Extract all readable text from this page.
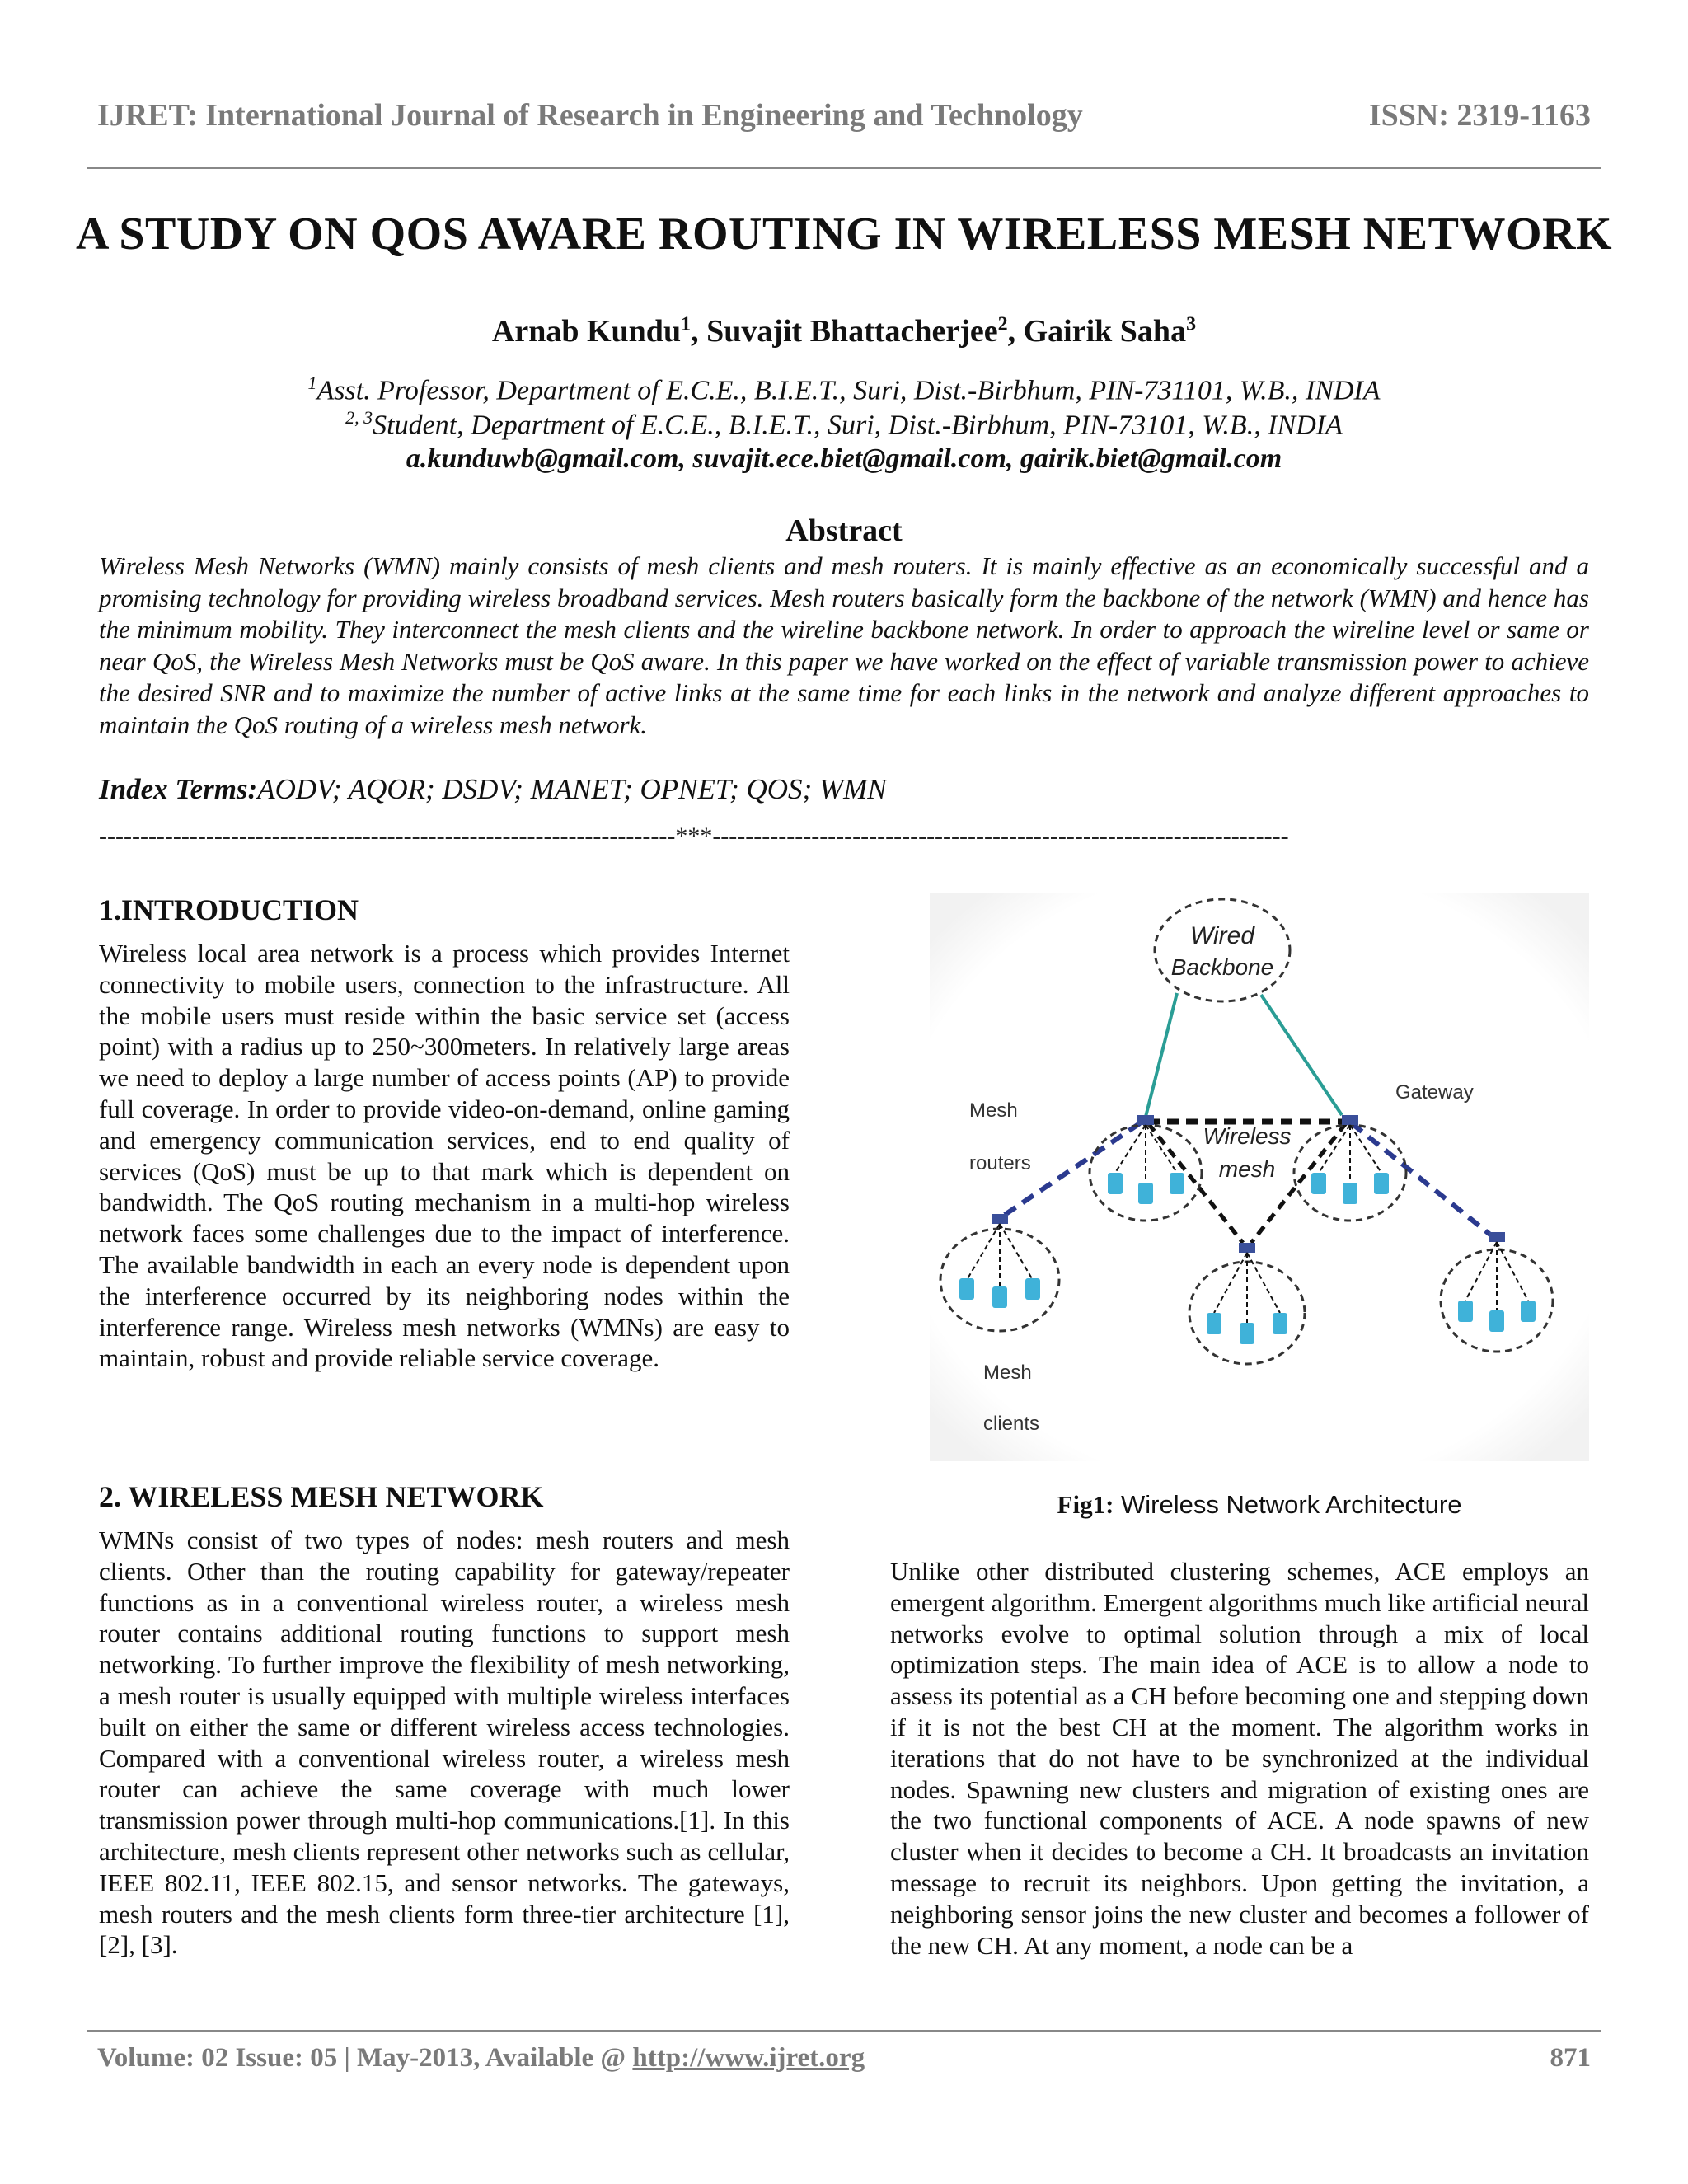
IJRET: International Journal of Research in Engineering and Technology	ISSN: 2319-1163
A STUDY ON QOS AWARE ROUTING IN WIRELESS MESH NETWORK
Arnab Kundu$^1$, Suvajit Bhattacherjee$^2$, Gairik Saha$^3$
$^1$Asst. Professor, Department of E.C.E., B.I.E.T., Suri, Dist.-Birbhum, PIN-731101, W.B., INDIA
$^{2, 3}$Student, Department of E.C.E., B.I.E.T., Suri, Dist.-Birbhum, PIN-73101, W.B., INDIA
a.kunduwb@gmail.com, suvajit.ece.biet@gmail.com, gairik.biet@gmail.com
Abstract
Wireless Mesh Networks (WMN) mainly consists of mesh clients and mesh routers. It is mainly effective as an economically successful and a promising technology for providing wireless broadband services. Mesh routers basically form the backbone of the network (WMN) and hence has the minimum mobility. They interconnect the mesh clients and the wireline backbone network. In order to approach the wireline level or same or near QoS, the Wireless Mesh Networks must be QoS aware. In this paper we have worked on the effect of variable transmission power to achieve the desired SNR and to maximize the number of active links at the same time for each links in the network and analyze different approaches to maintain the QoS routing of a wireless mesh network.
Index Terms:AODV; AQOR; DSDV; MANET; OPNET; QOS; WMN
----------------------------------------------------------------------***----------------------------------------------------------------------
1.INTRODUCTION
Wireless local area network is a process which provides Internet connectivity to mobile users, connection to the infrastructure. All the mobile users must reside within the basic service set (access point) with a radius up to 250~300meters. In relatively large areas we need to deploy a large number of access points (AP) to provide full coverage. In order to provide video-on-demand, online gaming and emergency communication services, end to end quality of services (QoS) must be up to that mark which is dependent on bandwidth. The QoS routing mechanism in a multi-hop wireless network faces some challenges due to the impact of interference. The available bandwidth in each an every node is dependent upon the interference occurred by its neighboring nodes within the interference range. Wireless mesh networks (WMNs) are easy to maintain, robust and provide reliable service coverage.
2. WIRELESS MESH NETWORK
WMNs consist of two types of nodes: mesh routers and mesh clients. Other than the routing capability for gateway/repeater functions as in a conventional wireless router, a wireless mesh router contains additional routing functions to support mesh networking. To further improve the flexibility of mesh networking, a mesh router is usually equipped with multiple wireless interfaces built on either the same or different wireless access technologies. Compared with a conventional wireless router, a wireless mesh router can achieve the same coverage with much lower transmission power through multi-hop communications.[1]. In this architecture, mesh clients represent other networks such as cellular, IEEE 802.11, IEEE 802.15, and sensor networks. The gateways, mesh routers and the mesh clients form three-tier architecture [1], [2], [3].
Wired
Backbone
Gateway
Wireless
mesh
Mesh
routers
Mesh
clients
Fig1: Wireless Network Architecture
Unlike other distributed clustering schemes, ACE employs an emergent algorithm. Emergent algorithms much like artificial neural networks evolve to optimal solution through a mix of local optimization steps. The main idea of ACE is to allow a node to assess its potential as a CH before becoming one and stepping down if it is not the best CH at the moment. The algorithm works in iterations that do not have to be synchronized at the individual nodes. Spawning new clusters and migration of existing ones are the two functional components of ACE. A node spawns of new cluster when it decides to become a CH. It broadcasts an invitation message to recruit its neighbors. Upon getting the invitation, a neighboring sensor joins the new cluster and becomes a follower of the new CH. At any moment, a node can be a
Volume: 02 Issue: 05 | May-2013, Available @ http://www.ijret.org	871
